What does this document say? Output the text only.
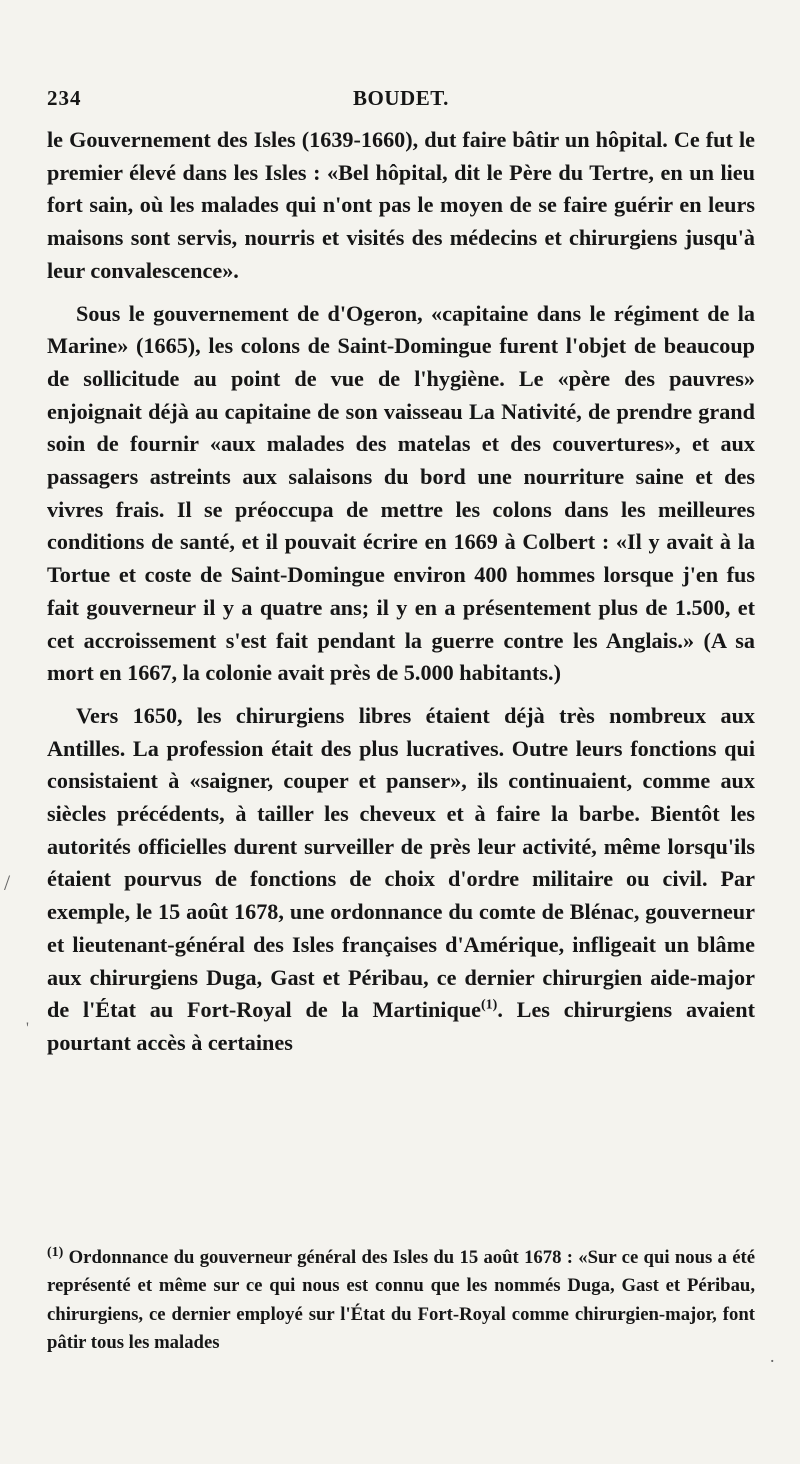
234	BOUDET.

le Gouvernement des Isles (1639-1660), dut faire bâtir un hôpital. Ce fut le premier élevé dans les Isles : «Bel hôpital, dit le Père du Tertre, en un lieu fort sain, où les malades qui n'ont pas le moyen de se faire guérir en leurs maisons sont servis, nourris et visités des médecins et chirurgiens jusqu'à leur convalescence».

Sous le gouvernement de d'Ogeron, «capitaine dans le régiment de la Marine» (1665), les colons de Saint-Domingue furent l'objet de beaucoup de sollicitude au point de vue de l'hygiène. Le «père des pauvres» enjoignait déjà au capitaine de son vaisseau La Nativité, de prendre grand soin de fournir «aux malades des matelas et des couvertures», et aux passagers astreints aux salaisons du bord une nourriture saine et des vivres frais. Il se préoccupa de mettre les colons dans les meilleures conditions de santé, et il pouvait écrire en 1669 à Colbert : «Il y avait à la Tortue et coste de Saint-Domingue environ 400 hommes lorsque j'en fus fait gouverneur il y a quatre ans; il y en a présentement plus de 1.500, et cet accroissement s'est fait pendant la guerre contre les Anglais.» (A sa mort en 1667, la colonie avait près de 5.000 habitants.)

Vers 1650, les chirurgiens libres étaient déjà très nombreux aux Antilles. La profession était des plus lucratives. Outre leurs fonctions qui consistaient à «saigner, couper et panser», ils continuaient, comme aux siècles précédents, à tailler les cheveux et à faire la barbe. Bientôt les autorités officielles durent surveiller de près leur activité, même lorsqu'ils étaient pourvus de fonctions de choix d'ordre militaire ou civil. Par exemple, le 15 août 1678, une ordonnance du comte de Blénac, gouverneur et lieutenant-général des Isles françaises d'Amérique, infligeait un blâme aux chirurgiens Duga, Gast et Péribau, ce dernier chirurgien aide-major de l'État au Fort-Royal de la Martinique$^{(1)}$. Les chirurgiens avaient pourtant accès à certaines

$^{(1)}$ Ordonnance du gouverneur général des Isles du 15 août 1678 : «Sur ce qui nous a été représenté et même sur ce qui nous est connu que les nommés Duga, Gast et Péribau, chirurgiens, ce dernier employé sur l'État du Fort-Royal comme chirurgien-major, font pâtir tous les malades

/
'
.
